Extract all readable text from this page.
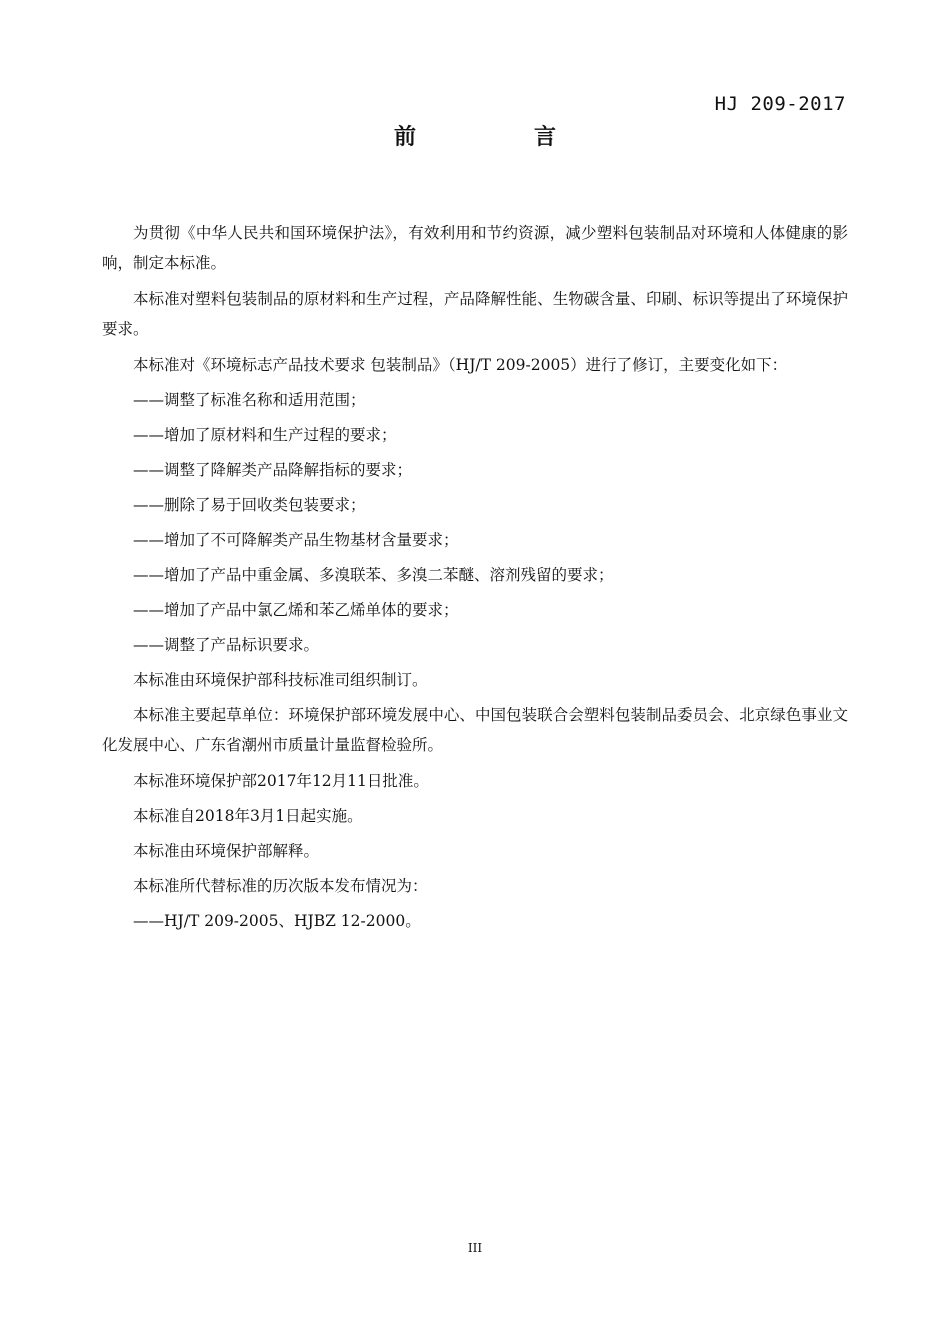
HJ 209-2017
前　言

为贯彻《中华人民共和国环境保护法》，有效利用和节约资源，减少塑料包装制品对环境和人体健康的影响，制定本标准。

本标准对塑料包装制品的原材料和生产过程，产品降解性能、生物碳含量、印刷、标识等提出了环境保护要求。

本标准对《环境标志产品技术要求 包装制品》（HJ/T 209-2005）进行了修订，主要变化如下：

——调整了标准名称和适用范围；

——增加了原材料和生产过程的要求；

——调整了降解类产品降解指标的要求；

——删除了易于回收类包装要求；

——增加了不可降解类产品生物基材含量要求；

——增加了产品中重金属、多溴联苯、多溴二苯醚、溶剂残留的要求；

——增加了产品中氯乙烯和苯乙烯单体的要求；

——调整了产品标识要求。

本标准由环境保护部科技标准司组织制订。

本标准主要起草单位：环境保护部环境发展中心、中国包装联合会塑料包装制品委员会、北京绿色事业文化发展中心、广东省潮州市质量计量监督检验所。

本标准环境保护部2017年12月11日批准。

本标准自2018年3月1日起实施。

本标准由环境保护部解释。

本标准所代替标准的历次版本发布情况为：

——HJ/T 209-2005、HJBZ 12-2000。

III
